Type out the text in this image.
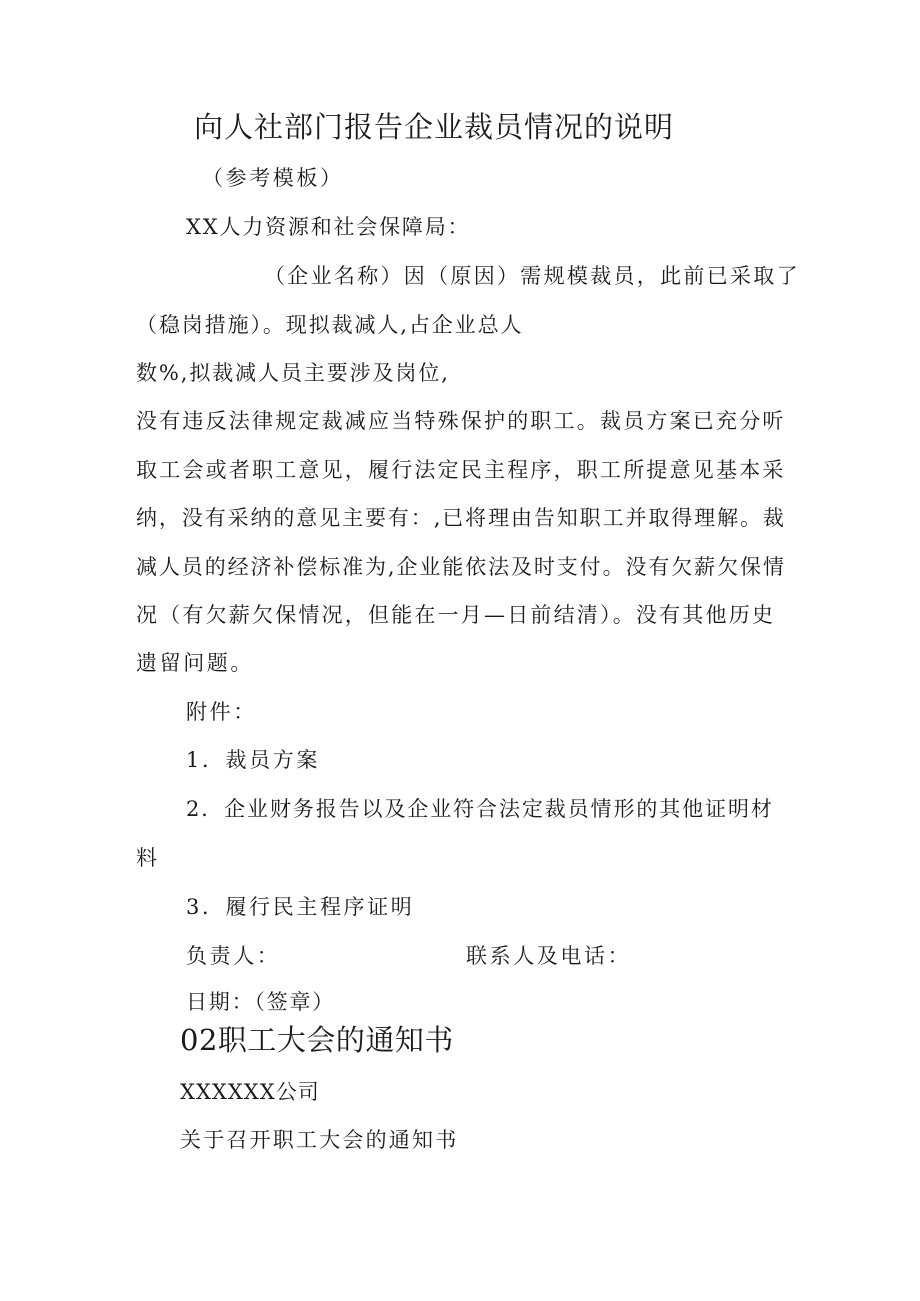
向人社部门报告企业裁员情况的说明
（参考模板）
XX人力资源和社会保障局：
（企业名称）因（原因）需规模裁员，此前已采取了
（稳岗措施）。现拟裁减人,占企业总人
数%,拟裁减人员主要涉及岗位,
没有违反法律规定裁减应当特殊保护的职工。裁员方案已充分听
取工会或者职工意见，履行法定民主程序，职工所提意见基本采
纳，没有采纳的意见主要有：,已将理由告知职工并取得理解。裁
减人员的经济补偿标准为,企业能依法及时支付。没有欠薪欠保情
况（有欠薪欠保情况，但能在一月—日前结清）。没有其他历史
遗留问题。
附件：
1．裁员方案
2．企业财务报告以及企业符合法定裁员情形的其他证明材
料
3．履行民主程序证明
负责人：	联系人及电话：
日期：（签章）
02职工大会的通知书
XXXXXX公司
关于召开职工大会的通知书
